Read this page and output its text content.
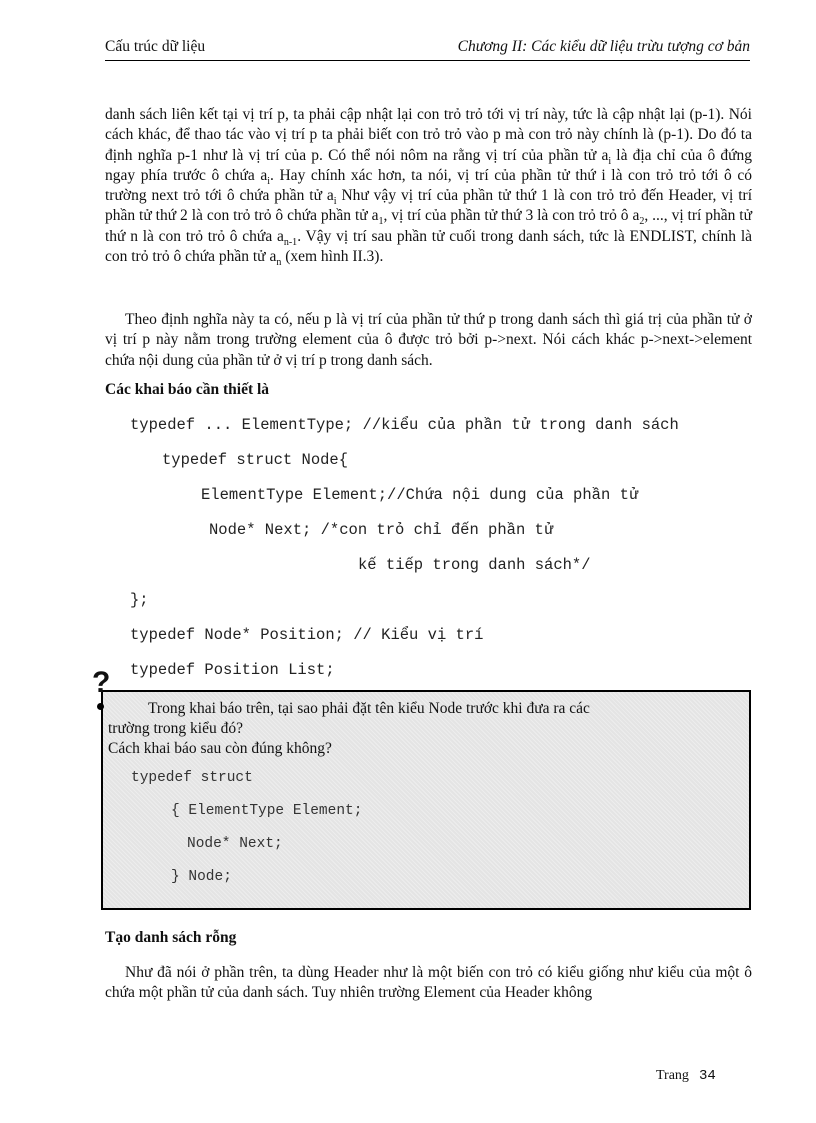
Cấu trúc dữ liệu	Chương II: Các kiểu dữ liệu trừu tượng cơ bản

danh sách liên kết tại vị trí p, ta phải cập nhật lại con trỏ trỏ tới vị trí này, tức là cập nhật lại (p-1). Nói cách khác, để thao tác vào vị trí p ta phải biết con trỏ trỏ vào p mà con trỏ này chính là (p-1). Do đó ta định nghĩa p-1 như là vị trí của p. Có thể nói nôm na rằng vị trí của phần tử $a_i$ là địa chỉ của ô đứng ngay phía trước ô chứa $a_i$. Hay chính xác hơn, ta nói, vị trí của phần tử thứ i là con trỏ trỏ tới ô có trường next trỏ tới ô chứa phần tử $a_i$ Như vậy vị trí của phần tử thứ 1 là con trỏ trỏ đến Header, vị trí phần tử thứ 2 là con trỏ trỏ ô chứa phần tử $a_1$, vị trí của phần tử thứ 3 là con trỏ trỏ ô $a_2$, ..., vị trí phần tử thứ n là con trỏ trỏ ô chứa $a_{n-1}$. Vậy vị trí sau phần tử cuối trong danh sách, tức là ENDLIST, chính là con trỏ trỏ ô chứa phần tử $a_n$ (xem hình II.3).

Theo định nghĩa này ta có, nếu p là vị trí của phần tử thứ p trong danh sách thì giá trị của phần tử ở vị trí p này nằm trong trường element của ô được trỏ bởi p->next. Nói cách khác p->next->element chứa nội dung của phần tử ở vị trí p trong danh sách.

Các khai báo cần thiết là

typedef ... ElementType; //kiểu của phần tử trong danh sách

typedef struct Node{

ElementType Element;//Chứa nội dung của phần tử

Node* Next; /*con trỏ chỉ đến phần tử

kế tiếp trong danh sách*/

};

typedef Node* Position; // Kiểu vị trí

typedef Position List;

Trong khai báo trên, tại sao phải đặt tên kiểu Node trước khi đưa ra các

trường trong kiểu đó?

Cách khai báo sau còn đúng không?

typedef struct

{ ElementType Element;

Node* Next;

} Node;

?

Tạo danh sách rỗng

Như đã nói ở phần trên, ta dùng Header như là một biến con trỏ có kiểu giống như kiểu của một ô chứa một phần tử của danh sách. Tuy nhiên trường Element của Header không

Trang 34
